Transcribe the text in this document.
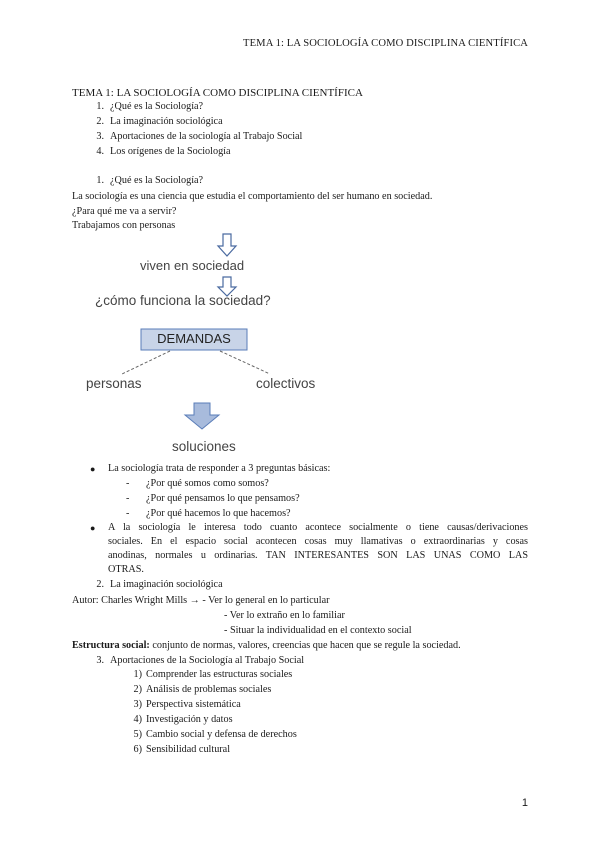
TEMA 1: LA SOCIOLOGÍA COMO DISCIPLINA CIENTÍFICA
TEMA 1: LA SOCIOLOGÍA COMO DISCIPLINA CIENTÍFICA
1. ¿Qué es la Sociología?
2. La imaginación sociológica
3. Aportaciones de la sociología al Trabajo Social
4. Los orígenes de la Sociología
1. ¿Qué es la Sociología?
La sociología es una ciencia que estudia el comportamiento del ser humano en sociedad.
¿Para qué me va a servir?
Trabajamos con personas
viven en sociedad
¿cómo funciona la sociedad?
DEMANDAS
personas	colectivos
soluciones
● La sociología trata de responder a 3 preguntas básicas:
- ¿Por qué somos como somos?
- ¿Por qué pensamos lo que pensamos?
- ¿Por qué hacemos lo que hacemos?
● A la sociología le interesa todo cuanto acontece socialmente o tiene causas/derivaciones
sociales. En el espacio social acontecen cosas muy llamativas o extraordinarias y cosas
anodinas, normales u ordinarias. TAN INTERESANTES SON LAS UNAS COMO LAS
OTRAS.
2. La imaginación sociológica
Autor: Charles Wright Mills → - Ver lo general en lo particular
- Ver lo extraño en lo familiar
- Situar la individualidad en el contexto social
Estructura social: conjunto de normas, valores, creencias que hacen que se regule la sociedad.
3. Aportaciones de la Sociología al Trabajo Social
1) Comprender las estructuras sociales
2) Análisis de problemas sociales
3) Perspectiva sistemática
4) Investigación y datos
5) Cambio social y defensa de derechos
6) Sensibilidad cultural
1
